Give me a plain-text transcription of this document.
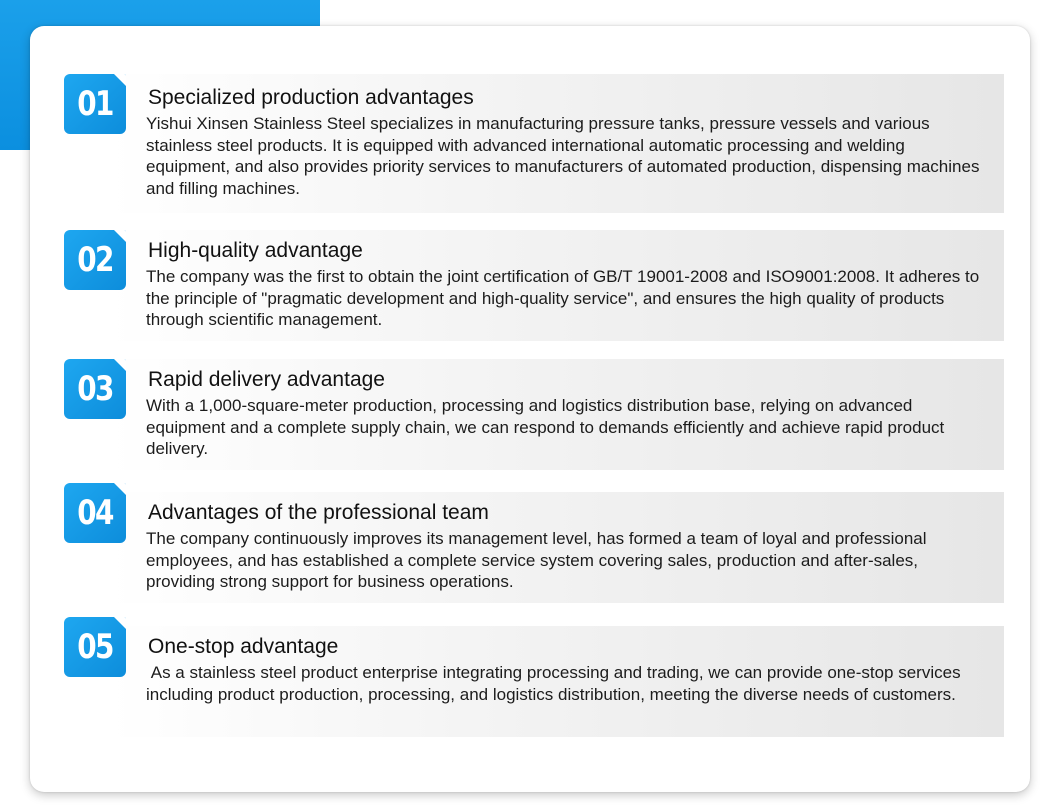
01	Specialized production advantages

Yishui Xinsen Stainless Steel specializes in manufacturing pressure tanks, pressure vessels and various stainless steel products. It is equipped with advanced international automatic processing and welding equipment, and also provides priority services to manufacturers of automated production, dispensing machines and filling machines.

02	High-quality advantage

The company was the first to obtain the joint certification of GB/T 19001-2008 and ISO9001:2008. It adheres to the principle of "pragmatic development and high-quality service", and ensures the high quality of products through scientific management.

03	Rapid delivery advantage

With a 1,000-square-meter production, processing and logistics distribution base, relying on advanced equipment and a complete supply chain, we can respond to demands efficiently and achieve rapid product delivery.

04	Advantages of the professional team

The company continuously improves its management level, has formed a team of loyal and professional employees, and has established a complete service system covering sales, production and after-sales, providing strong support for business operations.

05	One-stop advantage

As a stainless steel product enterprise integrating processing and trading, we can provide one-stop services including product production, processing, and logistics distribution, meeting the diverse needs of customers.
